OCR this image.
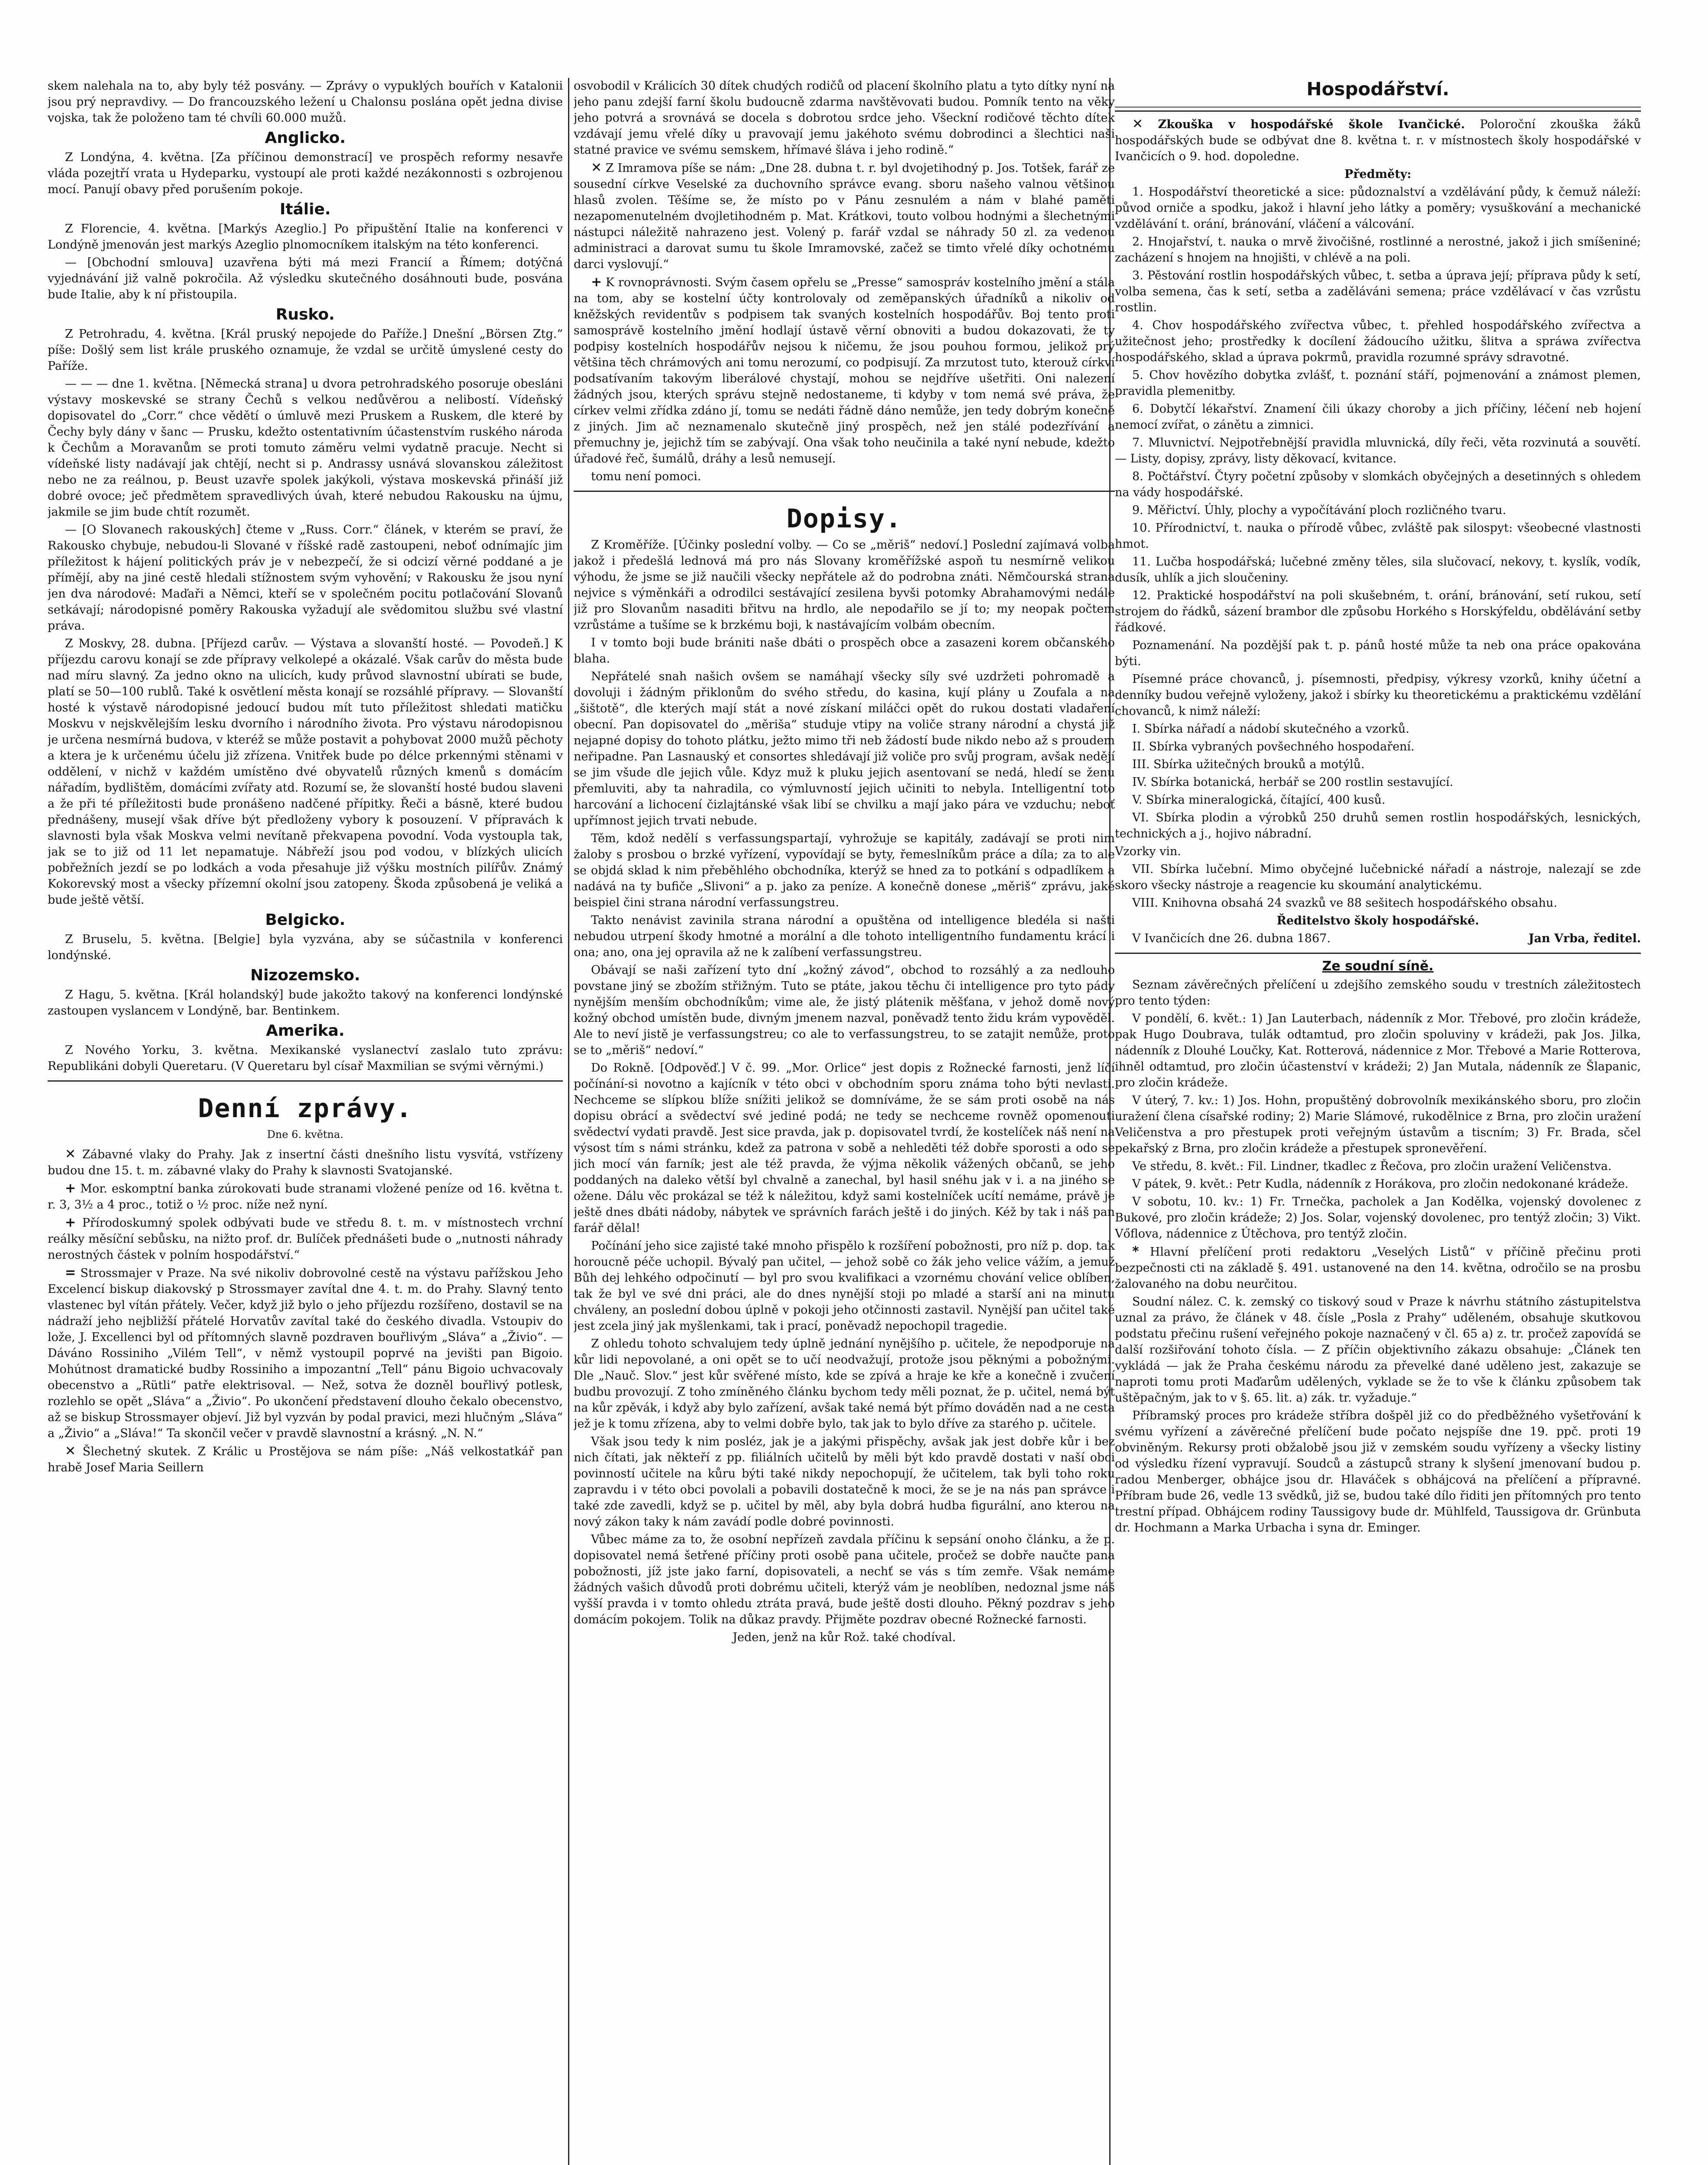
skem nalehala na to, aby byly též posvány. — Zprávy o vypuklých bouřích v Katalonii jsou prý nepravdivy. — Do francouzského ležení u Chalonsu poslána opět jedna divise vojska, tak že položeno tam té chvíli 60.000 mužů.

Anglicko.

Z Londýna, 4. května. [Za příčinou demonstrací] ve prospěch reformy nesavře vláda pozejtří vrata u Hydeparku, vystoupí ale proti každé nezákonnosti s ozbrojenou mocí. Panují obavy před porušením pokoje.

Itálie.

Z Florencie, 4. května. [Markýs Azeglio.] Po připuštění Italie na konferenci v Londýně jmenován jest markýs Azeglio plnomocníkem italským na této konferenci.

— [Obchodní smlouva] uzavřena býti má mezi Francií a Římem; dotýčná vyjednávání již valně pokročila. Až výsledku skutečného dosáhnouti bude, posvána bude Italie, aby k ní přistoupila.

Rusko.

Z Petrohradu, 4. května. [Král pruský nepojede do Paříže.] Dnešní „Börsen Ztg.“ píše: Došlý sem list krále pruského oznamuje, že vzdal se určitě úmyslené cesty do Paříže.

— — — dne 1. května. [Německá strana] u dvora petrohradského posoruje obesláni výstavy moskevské se strany Čechů s velkou nedůvěrou a nelibostí. Vídeňský dopisovatel do „Corr.“ chce vědětí o úmluvě mezi Pruskem a Ruskem, dle které by Čechy byly dány v šanc — Prusku, kdežto ostentativním účastenstvím ruského národa k Čechům a Moravanům se proti tomuto záměru velmi vydatně pracuje. Necht si vídeňské listy nadávají jak chtějí, necht si p. Andrassy usnává slovanskou záležitost nebo ne za reálnou, p. Beust uzavře spolek jakýkoli, výstava moskevská přináší již dobré ovoce; ječ předmětem spravedlivých úvah, které nebudou Rakousku na újmu, jakmile se jim bude chtít rozumět.

— [O Slovanech rakouských] čteme v „Russ. Corr.“ článek, v kterém se praví, že Rakousko chybuje, nebudou-li Slované v říšské radě zastoupeni, neboť odnímajíc jim příležitost k hájení politických práv je v nebezpečí, že si odcizí věrné poddané a je přímějí, aby na jiné cestě hledali stížnostem svým vyhovění; v Rakousku že jsou nyní jen dva národové: Maďaři a Němci, kteří se v společném pocitu potlačování Slovanů setkávají; národopisné poměry Rakouska vyžadují ale svědomitou službu své vlastní práva.

Z Moskvy, 28. dubna. [Příjezd carův. — Výstava a slovanští hosté. — Povodeň.] K příjezdu carovu konají se zde přípravy velkolepé a okázalé. Však carův do města bude nad míru slavný. Za jedno okno na ulicích, kudy průvod slavnostní ubírati se bude, platí se 50—100 rublů. Také k osvětlení města konají se rozsáhlé přípravy. — Slovanští hosté k výstavě národopisné jedoucí budou mít tuto příležitost shledati matičku Moskvu v nejskvělejším lesku dvorního i národního života. Pro výstavu národopisnou je určena nesmírná budova, v kteréž se může postavit a pohybovat 2000 mužů pěchoty a ktera je k určenému účelu již zřízena. Vnitřek bude po délce prkennými stěnami v oddělení, v nichž v každém umístěno dvé obyvatelů různých kmenů s domácím nářadím, bydlištěm, domácími zvířaty atd. Rozumí se, že slovanští hosté budou slaveni a že při té příležitosti bude pronášeno nadčené přípitky. Řeči a básně, které budou přednášeny, musejí však dříve být předloženy vybory k posouzení. V přípravách k slavnosti byla však Moskva velmi nevítaně překvapena povodní. Voda vystoupla tak, jak se to již od 11 let nepamatuje. Nábřeží jsou pod vodou, v blízkých ulicích pobřežních jezdí se po lodkách a voda přesahuje již výšku mostních pilířův. Známý Kokorevský most a všecky přízemní okolní jsou zatopeny. Škoda způsobená je veliká a bude ještě větší.

Belgicko.

Z Bruselu, 5. května. [Belgie] byla vyzvána, aby se súčastnila v konferenci londýnské.

Nizozemsko.

Z Hagu, 5. května. [Král holandský] bude jakožto takový na konferenci londýnské zastoupen vyslancem v Londýně, bar. Bentinkem.

Amerika.

Z Nového Yorku, 3. května. Mexikanské vyslanectví zaslalo tuto zprávu: Republikáni dobyli Queretaru. (V Queretaru byl císař Maxmilian se svými věrnými.)

Denní zprávy.
Dne 6. května.

✕ Zábavné vlaky do Prahy. Jak z insertní části dnešního listu vysvítá, vstřízeny budou dne 15. t. m. zábavné vlaky do Prahy k slavnosti Svatojanské.

+ Mor. eskomptní banka zúrokovati bude stranami vložené peníze od 16. května t. r. 3, 3½ a 4 proc., totiž o ½ proc. níže než nyní.

+ Přírodoskumný spolek odbývati bude ve středu 8. t. m. v místnostech vrchní reálky měsíční sebůsku, na nižto prof. dr. Bulíček přednášeti bude o „nutnosti náhrady nerostných částek v polním hospodářství.“

= Strossmajer v Praze. Na své nikoliv dobrovolné cestě na výstavu pařížskou Jeho Excelencí biskup diakovský p Strossmayer zavítal dne 4. t. m. do Prahy. Slavný tento vlastenec byl vítán přátely. Večer, když již bylo o jeho příjezdu rozšířeno, dostavil se na nádraží jeho nejbližší přátelé Horvatův zavítal také do českého divadla. Vstoupiv do lože, J. Excellenci byl od přítomných slavně pozdraven bouřlivým „Sláva“ a „Živio“. — Dáváno Rossiniho „Vilém Tell“, v němž vystoupil poprvé na jevišti pan Bigoio. Mohútnost dramatické budby Rossiniho a impozantní „Tell“ pánu Bigoio uchvacovaly obecenstvo a „Rütli“ patře elektrisoval. — Než, sotva že dozněl bouřlivý potlesk, rozlehlo se opět „Sláva“ a „Živio“. Po ukončení představení dlouho čekalo obecenstvo, až se biskup Strossmayer objeví. Již byl vyzván by podal pravici, mezi hlučným „Sláva“ a „Živio“ a „Sláva!“ Ta skončil večer v pravdě slavnostní a krásný. „N. N.“

✕ Šlechetný skutek. Z Králic u Prostějova se nám píše: „Náš velkostatkář pan hrabě Josef Maria Seillern

osvobodil v Králicích 30 dítek chudých rodičů od placení školního platu a tyto dítky nyní na jeho panu zdejší farní školu budoucně zdarma navštěvovati budou. Pomník tento na věky jeho potvrá a srovnává se docela s dobrotou srdce jeho. Všeckní rodičové těchto dítek vzdávají jemu vřelé díky u pravovají jemu jakéhoto svému dobrodinci a šlechtici naši statné pravice ve svému semskem, hřímavé šláva i jeho rodině.“

✕ Z Imramova píše se nám: „Dne 28. dubna t. r. byl dvojetihodný p. Jos. Totšek, farář ze sousední církve Veselské za duchovního správce evang. sboru našeho valnou většinou hlasů zvolen. Těšíme se, že místo po v Pánu zesnulém a nám v blahé paměti nezapomenutelném dvojletihodném p. Mat. Krátkovi, touto volbou hodnými a šlechetnými nástupci náležitě nahrazeno jest. Volený p. farář vzdal se náhrady 50 zl. za vedenou administraci a darovat sumu tu škole Imramovské, začež se timto vřelé díky ochotnému darci vyslovují.“

+ K rovnoprávnosti. Svým časem opřelu se „Presse“ samospráv kostelního jmění a stála na tom, aby se kostelní účty kontrolovaly od zeměpanských úřadníků a nikoliv od kněžských revidentův s podpisem tak svaných kostelních hospodářův. Boj tento proti samosprávě kostelního jmění hodlají ústavě věrní obnoviti a budou dokazovati, že ty podpisy kostelních hospodářův nejsou k ničemu, že jsou pouhou formou, jelikož prý většina těch chrámových ani tomu nerozumí, co podpisují. Za mrzutost tuto, kterouž církví podsatívaním takovým liberálové chystají, mohou se nejdříve ušetřiti. Oni nalezení žádných jsou, kterých správu stejně nedostaneme, ti kdyby v tom nemá své práva, že církev velmi zřídka zdáno jí, tomu se nedáti řádně dáno nemůže, jen tedy dobrým konečně z jiných. Jim ač neznamenalo skutečně jiný prospěch, než jen stálé podezřívání a přemuchny je, jejichž tím se zabývají. Ona však toho neučinila a také nyní nebude, kdežto úřadové řeč, šumálů, dráhy a lesů nemusejí.

tomu není pomoci.

Dopisy.

Z Kroměříže. [Účinky poslední volby. — Co se „měriš“ nedoví.] Poslední zajímavá volba jakož i předešlá lednová má pro nás Slovany kroměřížské aspoň tu nesmírně velikou výhodu, že jsme se již naučili všecky nepřátele až do podrobna znáti. Němčourská strana nejvice s výměnkáři a odrodilci sestávající zesilena byvši potomky Abrahamovými nedále již pro Slovanům nasaditi břitvu na hrdlo, ale nepodařilo se jí to; my neopak počtem vzrůstáme a tušíme se k brzkému boji, k nastávajícím volbám obecním.

I v tomto boji bude brániti naše dbáti o prospěch obce a zasazeni korem občanského blaha.

Nepřátelé snah našich ovšem se namáhají všecky síly své uzdržeti pohromadě a dovoluji i žádným přiklonům do svého středu, do kasina, kují plány u Zoufala a na „šištotě“, dle kterých mají stát a nové získaní miláčci opět do rukou dostati vladaření obecní. Pan dopisovatel do „měriša“ studuje vtipy na voliče strany národní a chystá již nejapné dopisy do tohoto plátku, ježto mimo tři neb žádostí bude nikdo nebo až s proudem neřipadne. Pan Lasnauský et consortes shledávají již voliče pro svůj program, avšak nedějí se jim všude dle jejich vůle. Kdyz muž k pluku jejich asentovaní se nedá, hledí se ženu přemluviti, aby ta nahradila, co výmluvností jejich učiniti to nebyla. Intelligentní toto harcování a lichocení čizlajtánské však libí se chvilku a mají jako pára ve vzduchu; neboť upřímnost jejich trvati nebude.

Těm, kdož nedělí s verfassungspartají, vyhrožuje se kapitály, zadávají se proti nim žaloby s prosbou o brzké vyřízení, vypovídají se byty, řemeslníkům práce a díla; za to ale se objdá sklad k nim přeběhlého obchodníka, kterýž se hned za to potkání s odpadlíkem a nadává na ty bufiče „Slivoni“ a p. jako za peníze. A konečně donese „měriš“ zprávu, jaké beispiel čini strana národní verfassungstreu.

Takto nenávist zavinila strana národní a opuštěna od intelligence bledéla si našti nebudou utrpení škody hmotné a morální a dle tohoto intelligentního fundamentu krácí i ona; ano, ona jej opravila až ne k zalíbení verfassungstreu.

Obávají se naši zařízení tyto dní „kožný závod“, obchod to rozsáhlý a za nedlouho povstane jiný se zbožím střižným. Tuto se ptáte, jakou těchu či intelligence pro tyto pády nynějším menším obchodníkům; vime ale, že jistý plátenik měšťana, v jehož domě nový kožný obchod umístěn bude, divným jmenem nazval, poněvadž tento židu krám vypověděl. Ale to neví jistě je verfassungstreu; co ale to verfassungstreu, to se zatajit nemůže, proto se to „měriš“ nedoví.“

Do Rokně. [Odpověď.] V č. 99. „Mor. Orlice“ jest dopis z Rožnecké farnosti, jenž líčí počínání-si novotno a kajícník v této obci v obchodním sporu známa toho býti nevlasti. Nechceme se slípkou blíže snížiti jelikož se domníváme, že se sám proti osobě na nás dopisu obrácí a svědectví své jediné podá; ne tedy se nechceme rovněž opomenouti svědectví vydati pravdě. Jest sice pravda, jak p. dopisovatel tvrdí, že kostelíček náš není na výsost tím s námi stránku, kdež za patrona v sobě a nehleděti též dobře sporosti a odo se jich mocí ván farník; jest ale též pravda, že výjma několik vážených občanů, se jeho poddaných na daleko větší byl chvalně a zanechal, byl hasil snéhu jak v i. a na jiného se ožene. Dálu věc prokázal se též k náležitou, když sami kostelníček ucítí nemáme, právě je ještě dnes dbáti nádoby, nábytek ve správních farách ještě i do jiných. Kéž by tak i náš pan farář dělal!

Počínání jeho sice zajisté také mnoho přispělo k rozšíření pobožnosti, pro níž p. dop. tak horoucně péče uchopil. Bývalý pan učitel, — jehož sobě co žák jeho velice vážím, a jemuž Bůh dej lehkého odpočinutí — byl pro svou kvalifikaci a vzornému chování velice oblíben, tak že byl ve své dni práci, ale do dnes nynější stoji po mladé a starší ani na minutu chváleny, an poslední dobou úplně v pokoji jeho otčinnosti zastavil. Nynější pan učitel také jest zcela jiný jak myšlenkami, tak i prací, poněvadž nepochopil tragedie.

Z ohledu tohoto schvalujem tedy úplně jednání nynějšího p. učitele, že nepodporuje na kůr lidi nepovolané, a oni opět se to učí neodvažují, protože jsou pěknými a pobožnými. Dle „Nauč. Slov.“ jest kůr svěřené místo, kde se zpívá a hraje ke kře a konečně i zvučení budbu provozují. Z toho zmíněného článku bychom tedy měli poznat, že p. učitel, nemá být na kůr zpěvák, i když aby bylo zařízení, avšak také nemá být přímo dováděn nad a ne cesta jež je k tomu zřízena, aby to velmi dobře bylo, tak jak to bylo dříve za starého p. učitele.

Však jsou tedy k nim posléz, jak je a jakými přispěchy, avšak jak jest dobře kůr i bez nich čítati, jak někteří z pp. filiálních učitelů by měli být kdo pravdě dostati v naší obci povinností učitele na kůru býti také nikdy nepochopují, že učitelem, tak byli toho roku zapravdu i v této obci povolali a pobavili dostatečně k moci, že se je na nás pan správce i také zde zavedli, když se p. učitel by měl, aby byla dobrá hudba figurální, ano kterou na nový zákon taky k nám zavádí podle dobré povinnosti.

Vůbec máme za to, že osobní nepřízeň zavdala příčinu k sepsání onoho článku, a že p. dopisovatel nemá šetřené příčiny proti osobě pana učitele, pročež se dobře naučte pana pobožnosti, jíž jste jako farní, dopisovateli, a nechť se vás s tím zemře. Však nemáme žádných vašich důvodů proti dobrému učiteli, kterýž vám je neoblíben, nedoznal jsme náš vyšší pravda i v tomto ohledu ztráta pravá, bude ještě dosti dlouho. Pěkný pozdrav s jeho domácím pokojem. Tolik na důkaz pravdy. Přijměte pozdrav obecné Rožnecké farnosti.

Jeden, jenž na kůr Rož. také chodíval.

Hospodářství.

✕ Zkouška v hospodářské škole Ivančické. Poloroční zkouška žáků hospodářských bude se odbývat dne 8. května t. r. v místnostech školy hospodářské v Ivančicích o 9. hod. dopoledne.

Předměty:

1. Hospodářství theoretické a sice: půdoznalství a vzdělávání půdy, k čemuž náleží: původ orniče a spodku, jakož i hlavní jeho látky a poměry; vysuškování a mechanické vzdělávání t. orání, bránování, vláčení a válcování.

2. Hnojařství, t. nauka o mrvě živočišné, rostlinné a nerostné, jakož i jich smíšeniné; zacházení s hnojem na hnojišti, v chlévě a na poli.

3. Pěstování rostlin hospodářských vůbec, t. setba a úprava její; příprava půdy k setí, volba semena, čas k setí, setba a zaděláváni semena; práce vzdělávací v čas vzrůstu rostlin.

4. Chov hospodářského zvířectva vůbec, t. přehled hospodářského zvířectva a užitečnost jeho; prostředky k docílení žádoucího užitku, šlitva a spráwa zvířectva hospodářského, sklad a úprava pokrmů, pravidla rozumné správy sdravotné.

5. Chov hovězího dobytka zvlášť, t. poznání stáří, pojmenování a známost plemen, pravidla plemenitby.

6. Dobytčí lékařství. Znamení čili úkazy choroby a jich příčiny, léčení neb hojení nemocí zvířat, o zánětu a zimnici.

7. Mluvnictví. Nejpotřebnější pravidla mluvnická, díly řeči, věta rozvinutá a souvětí. — Listy, dopisy, zprávy, listy děkovací, kvitance.

8. Počtářství. Čtyry početní způsoby v slomkách obyčejných a desetinných s ohledem na vády hospodářské.

9. Měřictví. Úhly, plochy a vypočítávání ploch rozličného tvaru.

10. Přírodnictví, t. nauka o přírodě vůbec, zvláště pak silospyt: všeobecné vlastnosti hmot.

11. Lučba hospodářská; lučebné změny těles, sila slučovací, nekovy, t. kyslík, vodík, dusík, uhlík a jich sloučeniny.

12. Praktické hospodářství na poli skušebném, t. orání, bránování, setí rukou, setí strojem do řádků, sázení brambor dle způsobu Horkého s Horskýfeldu, obdělávání setby řádkové.

Poznamenání. Na pozdější pak t. p. pánů hosté může ta neb ona práce opakována býti.

Písemné práce chovanců, j. písemnosti, předpisy, výkresy vzorků, knihy účetní a denníky budou veřejně vyloženy, jakož i sbírky ku theoretickému a praktickému vzdělání chovanců, k nimž náleží:

I. Sbírka nářadí a nádobí skutečného a vzorků.

II. Sbírka vybraných povšechného hospodaření.

III. Sbírka užitečných brouků a motýlů.

IV. Sbírka botanická, herbář se 200 rostlin sestavující.

V. Sbírka mineralogická, čítající, 400 kusů.

VI. Sbírka plodin a výrobků 250 druhů semen rostlin hospodářských, lesnických, technických a j., hojivo nábradní.

Vzorky vin.

VII. Sbírka lučební. Mimo obyčejné lučebnické nářadí a nástroje, nalezají se zde skoro všecky nástroje a reagencie ku skoumání analytickému.

VIII. Knihovna obsahá 24 svazků ve 88 sešitech hospodářského obsahu.

Ředitelstvo školy hospodářské.

V Ivančicích dne 26. dubna 1867.	Jan Vrba, ředitel.

Ze soudní síně.

Seznam závěrečných přelíčení u zdejšího zemského soudu v trestních záležitostech pro tento týden:

V pondělí, 6. květ.: 1) Jan Lauterbach, nádenník z Mor. Třebové, pro zločin krádeže, pak Hugo Doubrava, tulák odtamtud, pro zločin spoluviny v krádeži, pak Jos. Jilka, nádenník z Dlouhé Loučky, Kat. Rotterová, nádennice z Mor. Třebové a Marie Rotterova, ihněl odtamtud, pro zločin účastenství v krádeži; 2) Jan Mutala, nádenník ze Šlapanic, pro zločin krádeže.

V úterý, 7. kv.: 1) Jos. Hohn, propuštěný dobrovolník mexikánského sboru, pro zločin uražení člena císařské rodiny; 2) Marie Slámové, rukodělnice z Brna, pro zločin uražení Veličenstva a pro přestupek proti veřejným ústavům a tiscním; 3) Fr. Brada, sčel pekařský z Brna, pro zločin krádeže a přestupek spronevěření.

Ve středu, 8. květ.: Fil. Lindner, tkadlec z Řečova, pro zločin uražení Veličenstva.

V pátek, 9. květ.: Petr Kudla, nádenník z Horákova, pro zločin nedokonané krádeže.

V sobotu, 10. kv.: 1) Fr. Trnečka, pacholek a Jan Kodělka, vojenský dovolenec z Bukové, pro zločin krádeže; 2) Jos. Solar, vojenský dovolenec, pro tentýž zločin; 3) Vikt. Vőflova, nádennice z Útěchova, pro tentýž zločin.

* Hlavní přelíčení proti redaktoru „Veselých Listů“ v příčině přečinu proti bezpečnosti cti na základě §. 491. ustanovené na den 14. května, odročilo se na prosbu žalovaného na dobu neurčitou.

Soudní nález. C. k. zemský co tiskový soud v Praze k návrhu státního zástupitelstva uznal za právo, že článek v 48. čísle „Posla z Prahy“ uděleném, obsahuje skutkovou podstatu přečinu rušení veřejného pokoje naznačený v čl. 65 a) z. tr. pročež zapovídá se další rozšiřování tohoto čísla. — Z příčin objektivního zákazu obsahuje: „Článek ten vykládá — jak že Praha českému národu za převelké dané uděleno jest, zakazuje se naproti tomu proti Maďarům udělených, vyklade se že to vše k článku způsobem tak uštěpačným, jak to v §. 65. lit. a) zák. tr. vyžaduje.“

Příbramský proces pro krádeže stříbra došpěl již co do předběžného vyšetřování k svému vyřízení a závěrečné přelíčení bude počato nejspíše dne 19. ppč. proti 19 obviněným. Rekursy proti obžalobě jsou již v zemském soudu vyřízeny a všecky listiny od výsledku řízení vypravují. Soudců a zástupců strany k slyšení jmenovaní budou p. radou Menberger, obhájce jsou dr. Hlaváček s obhájcová na přelíčení a přípravné. Příbram bude 26, vedle 13 svědků, již se, budou také dílo řiditi jen přítomných pro tento trestní případ. Obhájcem rodiny Taussigovy bude dr. Mühlfeld, Taussigova dr. Grünbuta dr. Hochmann a Marka Urbacha i syna dr. Eminger.
